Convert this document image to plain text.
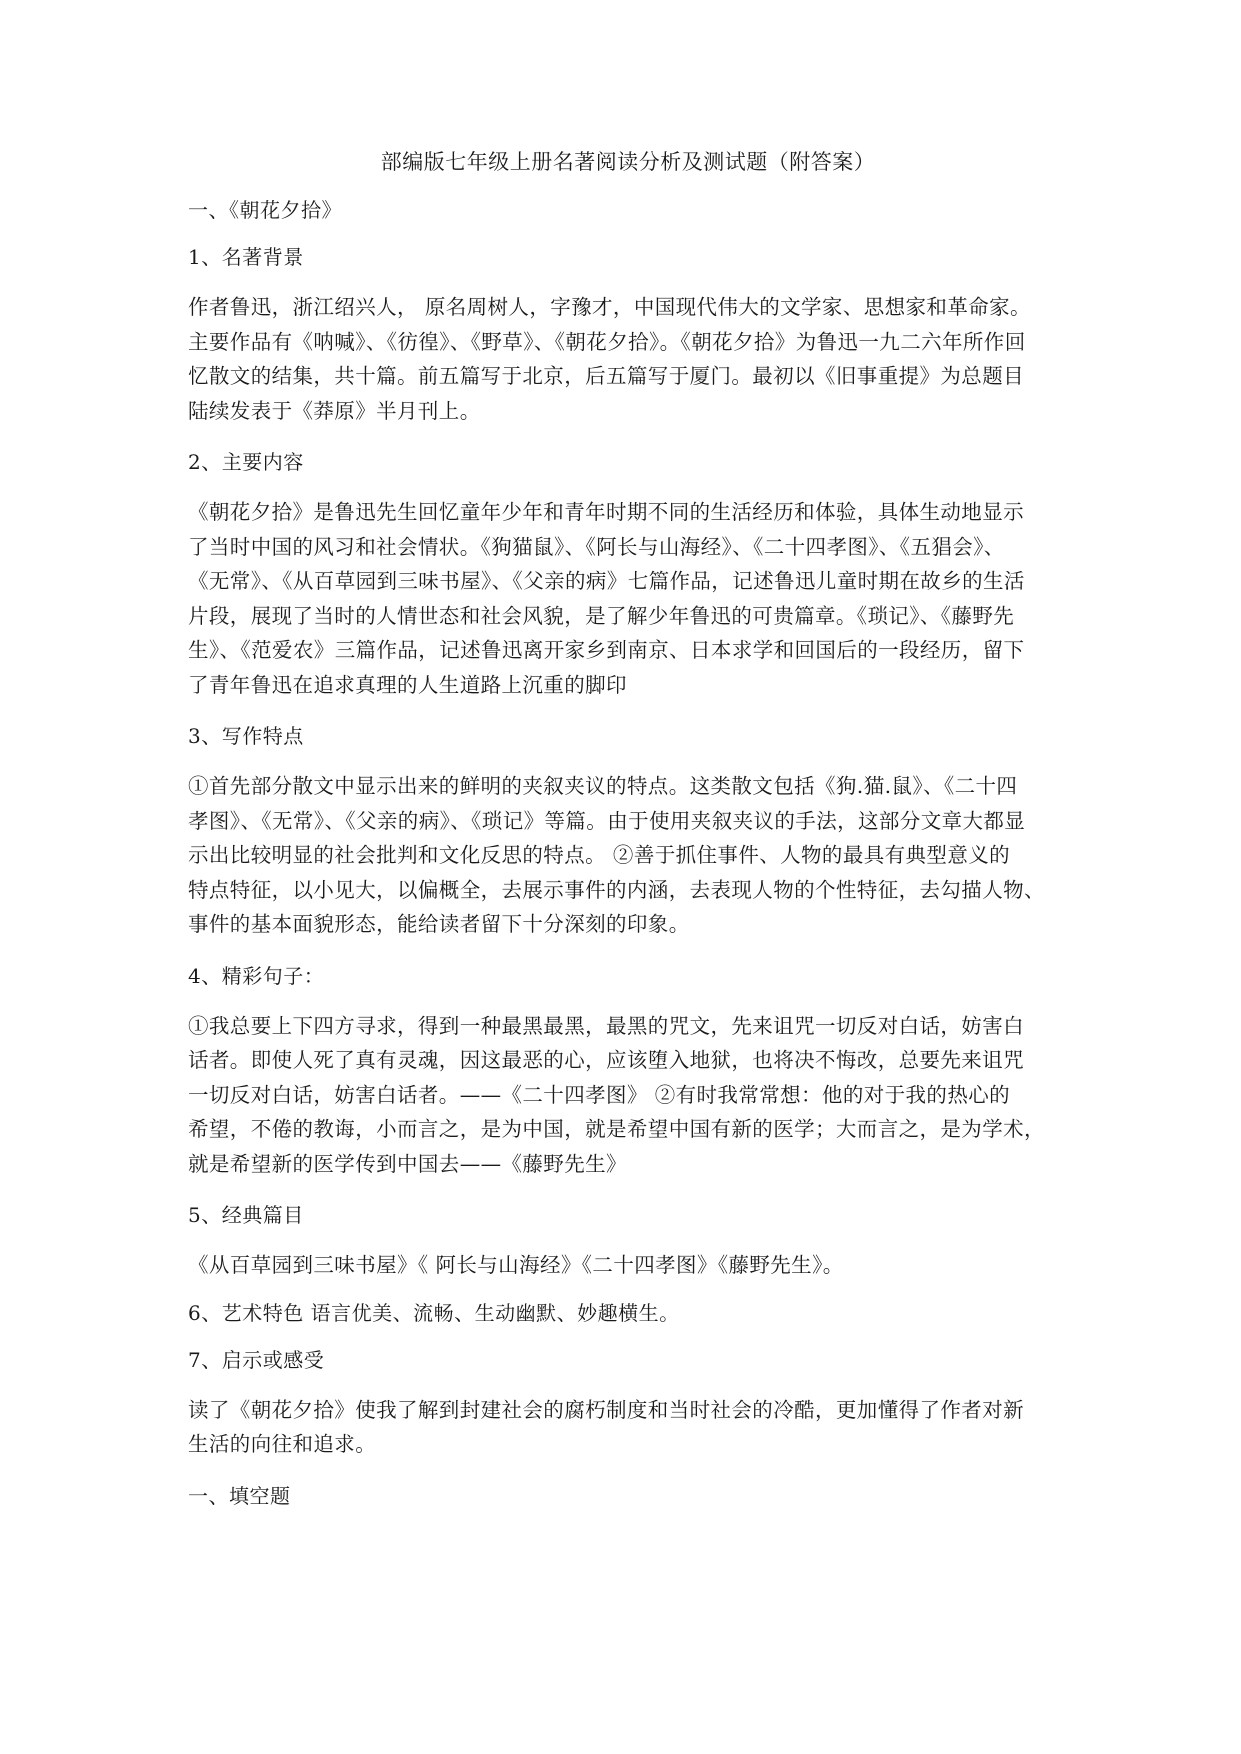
部编版七年级上册名著阅读分析及测试题（附答案）
一、《朝花夕拾》
1、名著背景
作者鲁迅，浙江绍兴人， 原名周树人，字豫才，中国现代伟大的文学家、思想家和革命家。
主要作品有《呐喊》、《彷徨》、《野草》、《朝花夕拾》。《朝花夕拾》为鲁迅一九二六年所作回
忆散文的结集，共十篇。前五篇写于北京，后五篇写于厦门。最初以《旧事重提》为总题目
陆续发表于《莽原》半月刊上。
2、主要内容
《朝花夕拾》是鲁迅先生回忆童年少年和青年时期不同的生活经历和体验，具体生动地显示
了当时中国的风习和社会情状。《狗猫鼠》、《阿长与山海经》、《二十四孝图》、《五猖会》、
《无常》、《从百草园到三味书屋》、《父亲的病》七篇作品，记述鲁迅儿童时期在故乡的生活
片段，展现了当时的人情世态和社会风貌，是了解少年鲁迅的可贵篇章。《琐记》、《藤野先
生》、《范爱农》三篇作品，记述鲁迅离开家乡到南京、日本求学和回国后的一段经历，留下
了青年鲁迅在追求真理的人生道路上沉重的脚印
3、写作特点
①首先部分散文中显示出来的鲜明的夹叙夹议的特点。这类散文包括《狗.猫.鼠》、《二十四
孝图》、《无常》、《父亲的病》、《琐记》等篇。由于使用夹叙夹议的手法，这部分文章大都显
示出比较明显的社会批判和文化反思的特点。 ②善于抓住事件、人物的最具有典型意义的
特点特征，以小见大，以偏概全，去展示事件的内涵，去表现人物的个性特征，去勾描人物、
事件的基本面貌形态，能给读者留下十分深刻的印象。
4、精彩句子：
①我总要上下四方寻求，得到一种最黑最黑，最黑的咒文，先来诅咒一切反对白话，妨害白
话者。即使人死了真有灵魂，因这最恶的心，应该堕入地狱，也将决不悔改，总要先来诅咒
一切反对白话，妨害白话者。——《二十四孝图》 ②有时我常常想：他的对于我的热心的
希望，不倦的教诲，小而言之，是为中国，就是希望中国有新的医学；大而言之，是为学术，
就是希望新的医学传到中国去——《藤野先生》
5、经典篇目
《从百草园到三味书屋》《 阿长与山海经》《二十四孝图》《藤野先生》。
6、艺术特色 语言优美、流畅、生动幽默、妙趣横生。
7、启示或感受
读了《朝花夕拾》使我了解到封建社会的腐朽制度和当时社会的冷酷，更加懂得了作者对新
生活的向往和追求。
一、填空题
